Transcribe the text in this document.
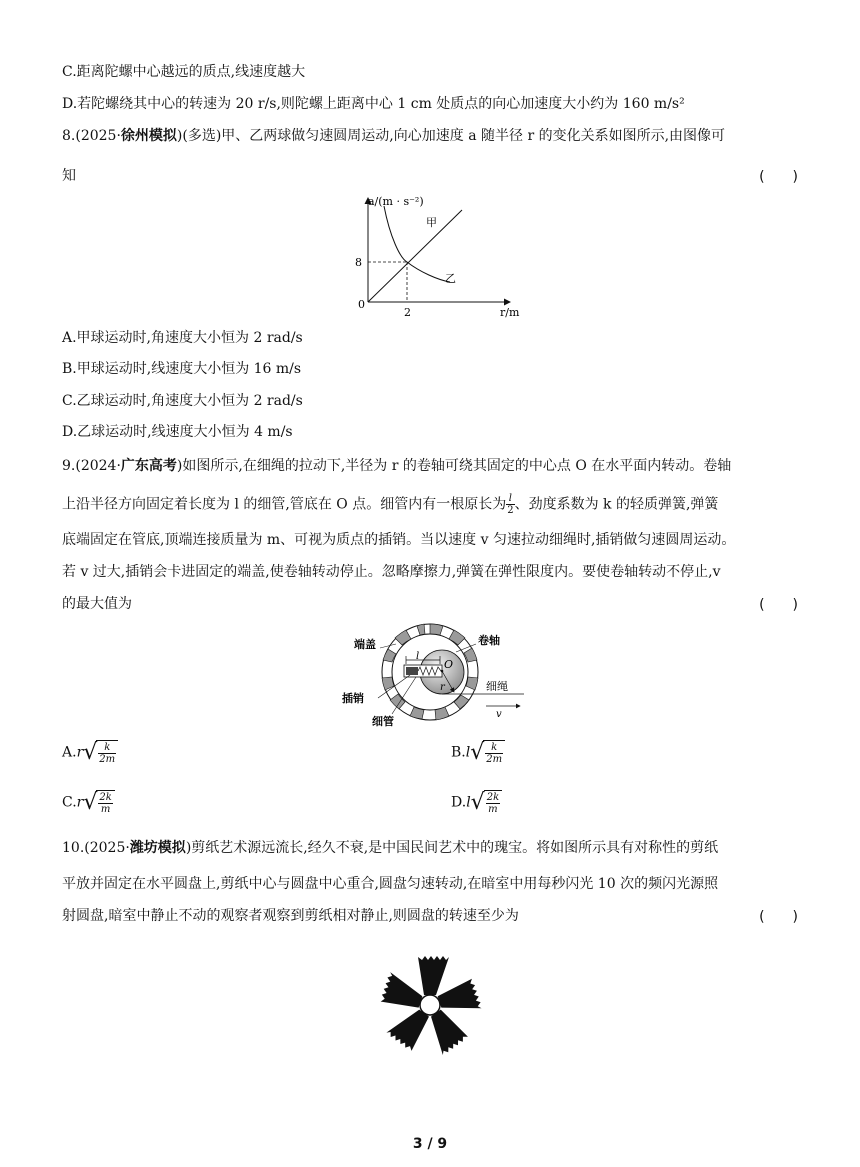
C.距离陀螺中心越远的质点,线速度越大
D.若陀螺绕其中心的转速为 20 r/s,则陀螺上距离中心 1 cm 处质点的向心加速度大小约为 160 m/s²
8.(2025·徐州模拟)(多选)甲、乙两球做匀速圆周运动,向心加速度 a 随半径 r 的变化关系如图所示,由图像可
知	(　　)
a/(m · s⁻²)
r/m
甲
乙
8
2
0
A.甲球运动时,角速度大小恒为 2 rad/s
B.甲球运动时,线速度大小恒为 16 m/s
C.乙球运动时,角速度大小恒为 2 rad/s
D.乙球运动时,线速度大小恒为 4 m/s
9.(2024·广东高考)如图所示,在细绳的拉动下,半径为 r 的卷轴可绕其固定的中心点 O 在水平面内转动。卷轴
上沿半径方向固定着长度为 l 的细管,管底在 O 点。细管内有一根原长为 $\frac{l}{2}$ 、劲度系数为 k 的轻质弹簧,弹簧
底端固定在管底,顶端连接质量为 m、可视为质点的插销。当以速度 v 匀速拉动细绳时,插销做匀速圆周运动。
若 v 过大,插销会卡进固定的端盖,使卷轴转动停止。忽略摩擦力,弹簧在弹性限度内。要使卷轴转动不停止,v
的最大值为	(　　)
l
O
r	细绳
v
端盖	卷轴
插销
细管
A.r √ $\frac{k}{2m}$	B.l √ $\frac{k}{2m}$
C.r √ $\frac{2k}{m}$	D.l √ $\frac{2k}{m}$
10.(2025·潍坊模拟)剪纸艺术源远流长,经久不衰,是中国民间艺术中的瑰宝。将如图所示具有对称性的剪纸
平放并固定在水平圆盘上,剪纸中心与圆盘中心重合,圆盘匀速转动,在暗室中用每秒闪光 10 次的频闪光源照
射圆盘,暗室中静止不动的观察者观察到剪纸相对静止,则圆盘的转速至少为	(　　)
3 / 9
